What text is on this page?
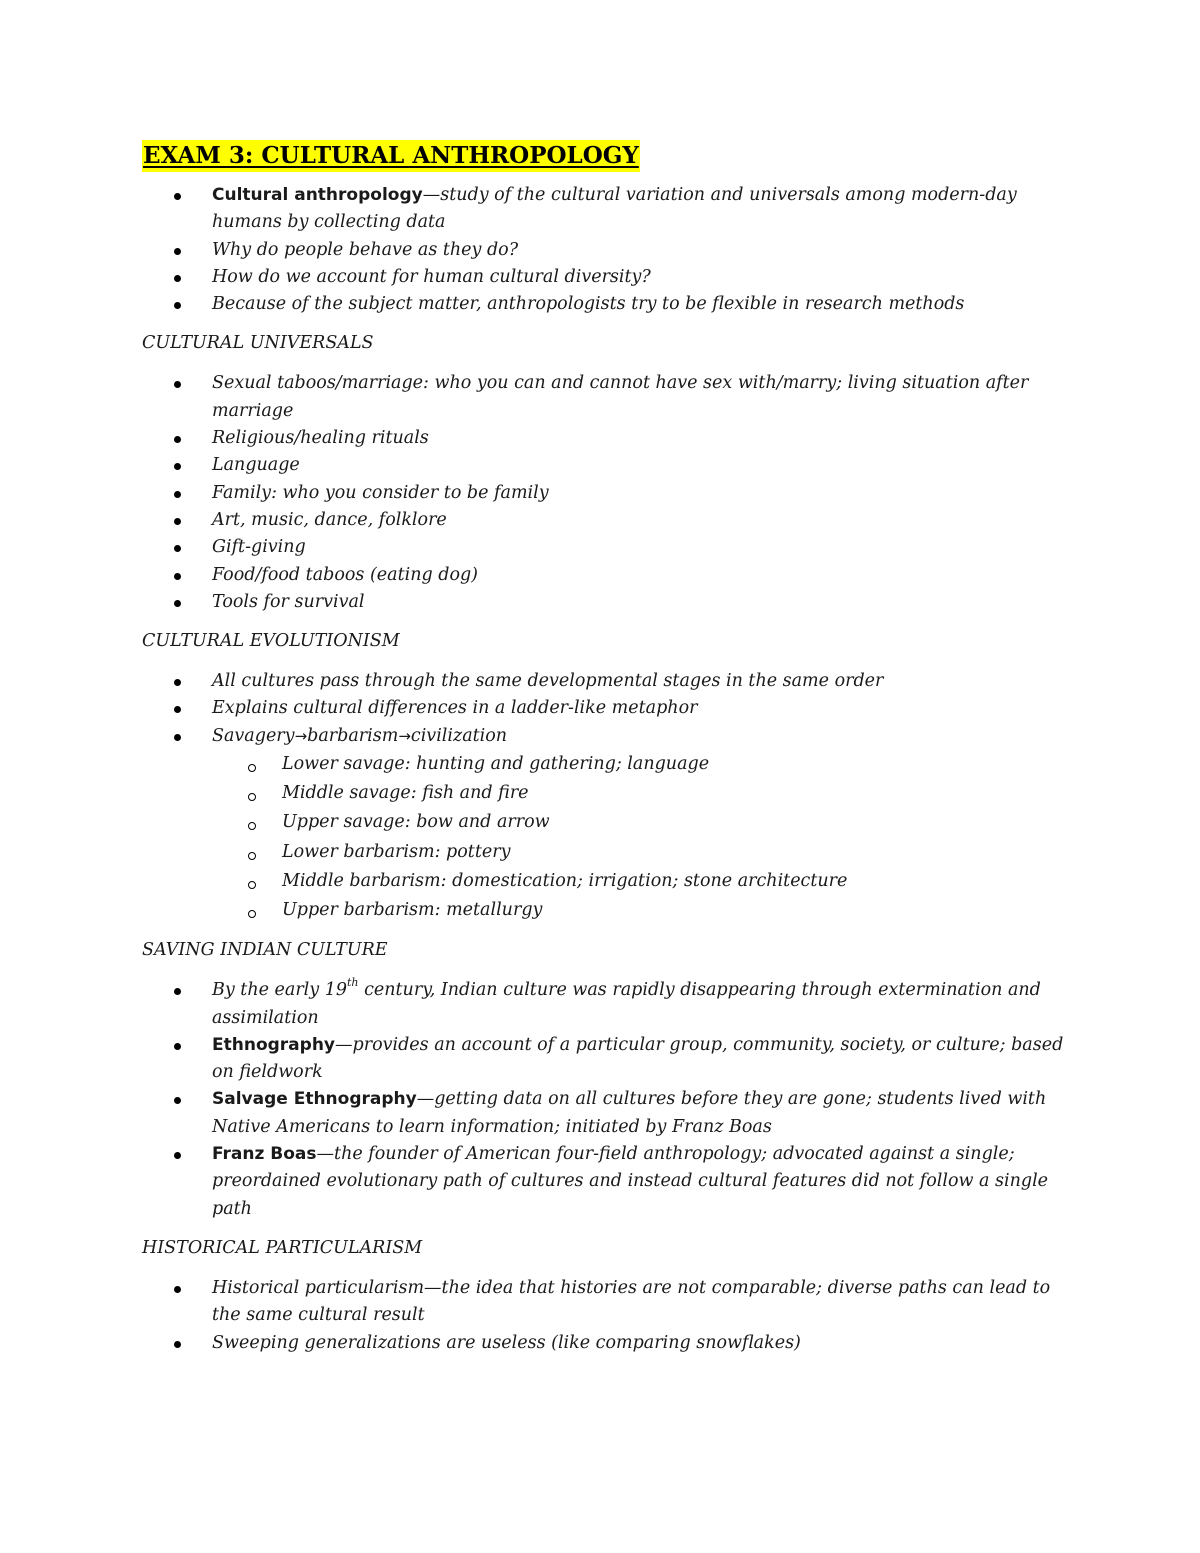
EXAM 3: CULTURAL ANTHROPOLOGY
Cultural anthropology—study of the cultural variation and universals among modern-day humans by collecting data
Why do people behave as they do?
How do we account for human cultural diversity?
Because of the subject matter, anthropologists try to be flexible in research methods
CULTURAL UNIVERSALS
Sexual taboos/marriage: who you can and cannot have sex with/marry; living situation after marriage
Religious/healing rituals
Language
Family: who you consider to be family
Art, music, dance, folklore
Gift-giving
Food/food taboos (eating dog)
Tools for survival
CULTURAL EVOLUTIONISM
All cultures pass through the same developmental stages in the same order
Explains cultural differences in a ladder-like metaphor
Savagery→barbarism→civilization
Lower savage: hunting and gathering; language
Middle savage: fish and fire
Upper savage: bow and arrow
Lower barbarism: pottery
Middle barbarism: domestication; irrigation; stone architecture
Upper barbarism: metallurgy
SAVING INDIAN CULTURE
By the early 19th century, Indian culture was rapidly disappearing through extermination and assimilation
Ethnography—provides an account of a particular group, community, society, or culture; based on fieldwork
Salvage Ethnography—getting data on all cultures before they are gone; students lived with Native Americans to learn information; initiated by Franz Boas
Franz Boas—the founder of American four-field anthropology; advocated against a single; preordained evolutionary path of cultures and instead cultural features did not follow a single path
HISTORICAL PARTICULARISM
Historical particularism—the idea that histories are not comparable; diverse paths can lead to the same cultural result
Sweeping generalizations are useless (like comparing snowflakes)
